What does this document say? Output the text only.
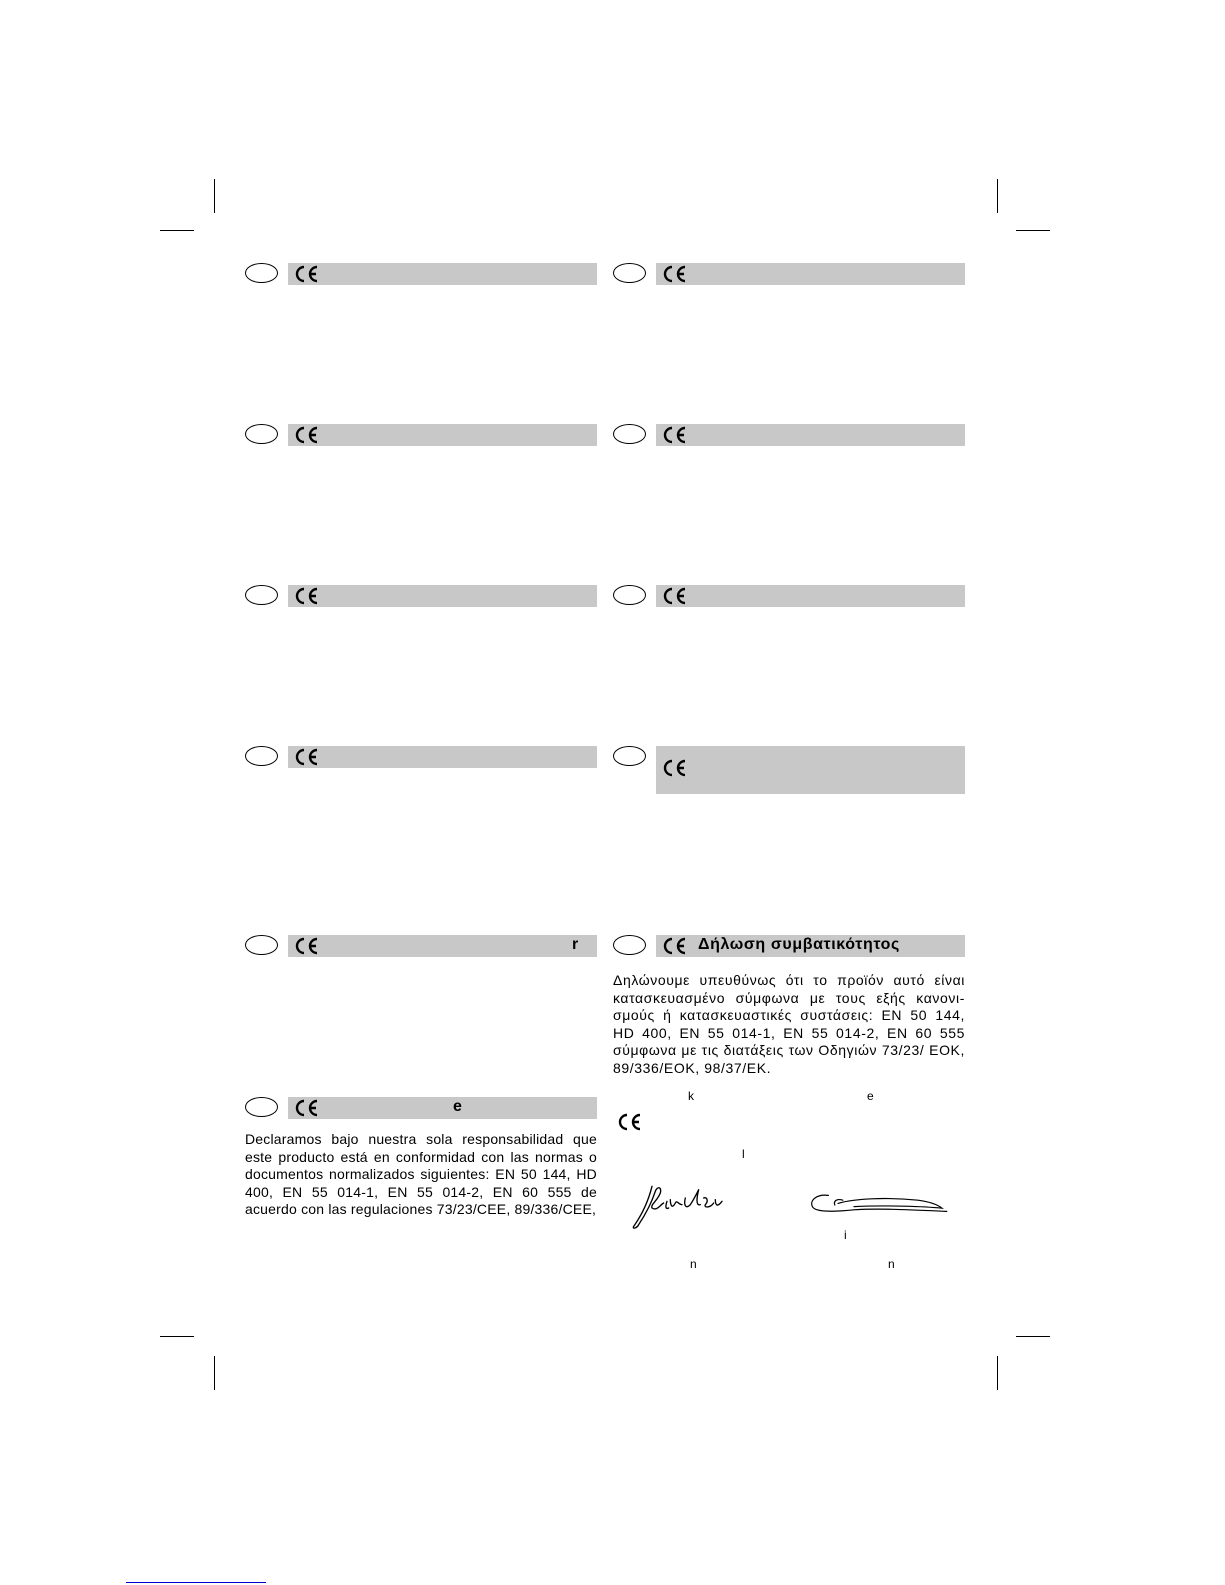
r	Δήλωση συμβατικότητος
Δηλώνουμε υπευθύνως ότι το προϊόν αυτό είναι κατασκευασμένο σύμφωνα με τους εξής κανονι-σμούς ή κατασκευαστικές συστάσεις: EN 50 144, HD 400, EN 55 014-1, EN 55 014-2, EN 60 555 σύμφωνα με τις διατάξεις των Οδηγιών 73/23/ ΕΟΚ, 89/336/ΕΟΚ, 98/37/ΕΚ.
e
Declaramos bajo nuestra sola responsabilidad que este producto está en conformidad con las normas o documentos normalizados siguientes: EN 50 144, HD 400, EN 55 014-1, EN 55 014-2, EN 60 555 de acuerdo con las regulaciones 73/23/CEE, 89/336/CEE,
k	e
l
i
n	n
